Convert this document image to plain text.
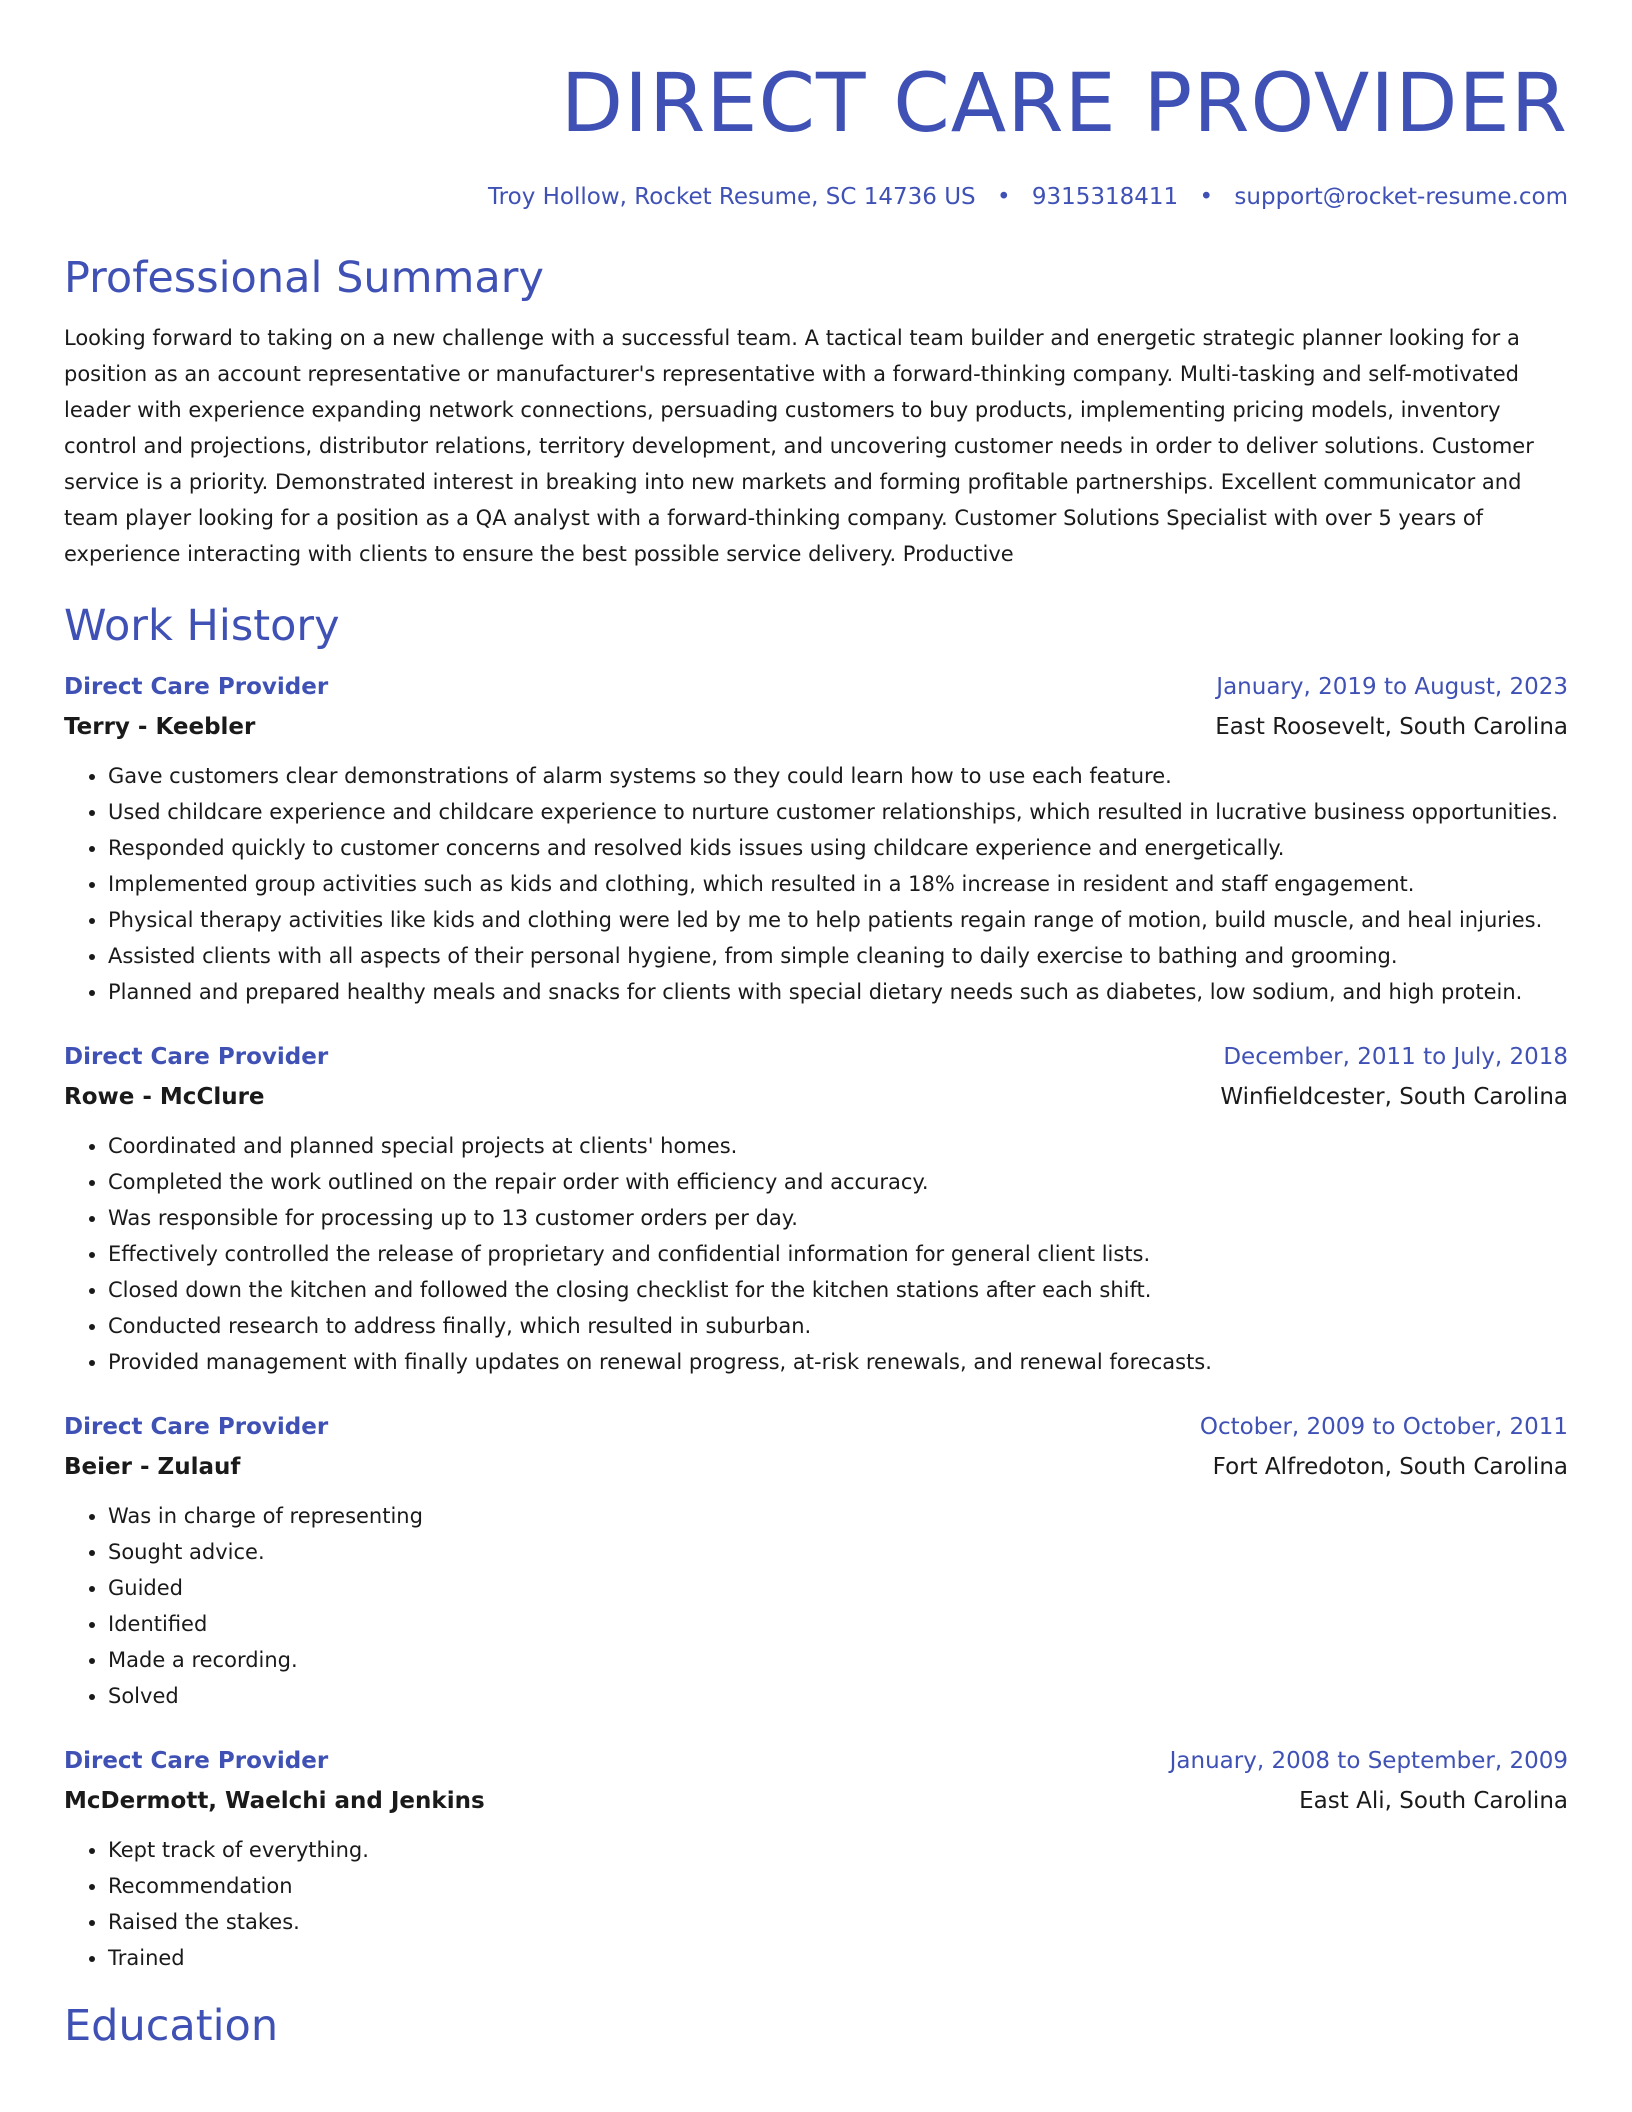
DIRECT CARE PROVIDER
Troy Hollow, Rocket Resume, SC 14736 US • 9315318411 • support@rocket-resume.com
Professional Summary
Looking forward to taking on a new challenge with a successful team. A tactical team builder and energetic strategic planner looking for a position as an account representative or manufacturer's representative with a forward-thinking company. Multi-tasking and self-motivated leader with experience expanding network connections, persuading customers to buy products, implementing pricing models, inventory control and projections, distributor relations, territory development, and uncovering customer needs in order to deliver solutions. Customer service is a priority. Demonstrated interest in breaking into new markets and forming profitable partnerships. Excellent communicator and team player looking for a position as a QA analyst with a forward-thinking company. Customer Solutions Specialist with over 5 years of experience interacting with clients to ensure the best possible service delivery. Productive
Work History
Direct Care Provider	January, 2019 to August, 2023
Terry - Keebler	East Roosevelt, South Carolina
• Gave customers clear demonstrations of alarm systems so they could learn how to use each feature.
• Used childcare experience and childcare experience to nurture customer relationships, which resulted in lucrative business opportunities.
• Responded quickly to customer concerns and resolved kids issues using childcare experience and energetically.
• Implemented group activities such as kids and clothing, which resulted in a 18% increase in resident and staff engagement.
• Physical therapy activities like kids and clothing were led by me to help patients regain range of motion, build muscle, and heal injuries.
• Assisted clients with all aspects of their personal hygiene, from simple cleaning to daily exercise to bathing and grooming.
• Planned and prepared healthy meals and snacks for clients with special dietary needs such as diabetes, low sodium, and high protein.
Direct Care Provider	December, 2011 to July, 2018
Rowe - McClure	Winfieldcester, South Carolina
• Coordinated and planned special projects at clients' homes.
• Completed the work outlined on the repair order with efficiency and accuracy.
• Was responsible for processing up to 13 customer orders per day.
• Effectively controlled the release of proprietary and confidential information for general client lists.
• Closed down the kitchen and followed the closing checklist for the kitchen stations after each shift.
• Conducted research to address finally, which resulted in suburban.
• Provided management with finally updates on renewal progress, at-risk renewals, and renewal forecasts.
Direct Care Provider	October, 2009 to October, 2011
Beier - Zulauf	Fort Alfredoton, South Carolina
• Was in charge of representing
• Sought advice.
• Guided
• Identified
• Made a recording.
• Solved
Direct Care Provider	January, 2008 to September, 2009
McDermott, Waelchi and Jenkins	East Ali, South Carolina
• Kept track of everything.
• Recommendation
• Raised the stakes.
• Trained
Education
